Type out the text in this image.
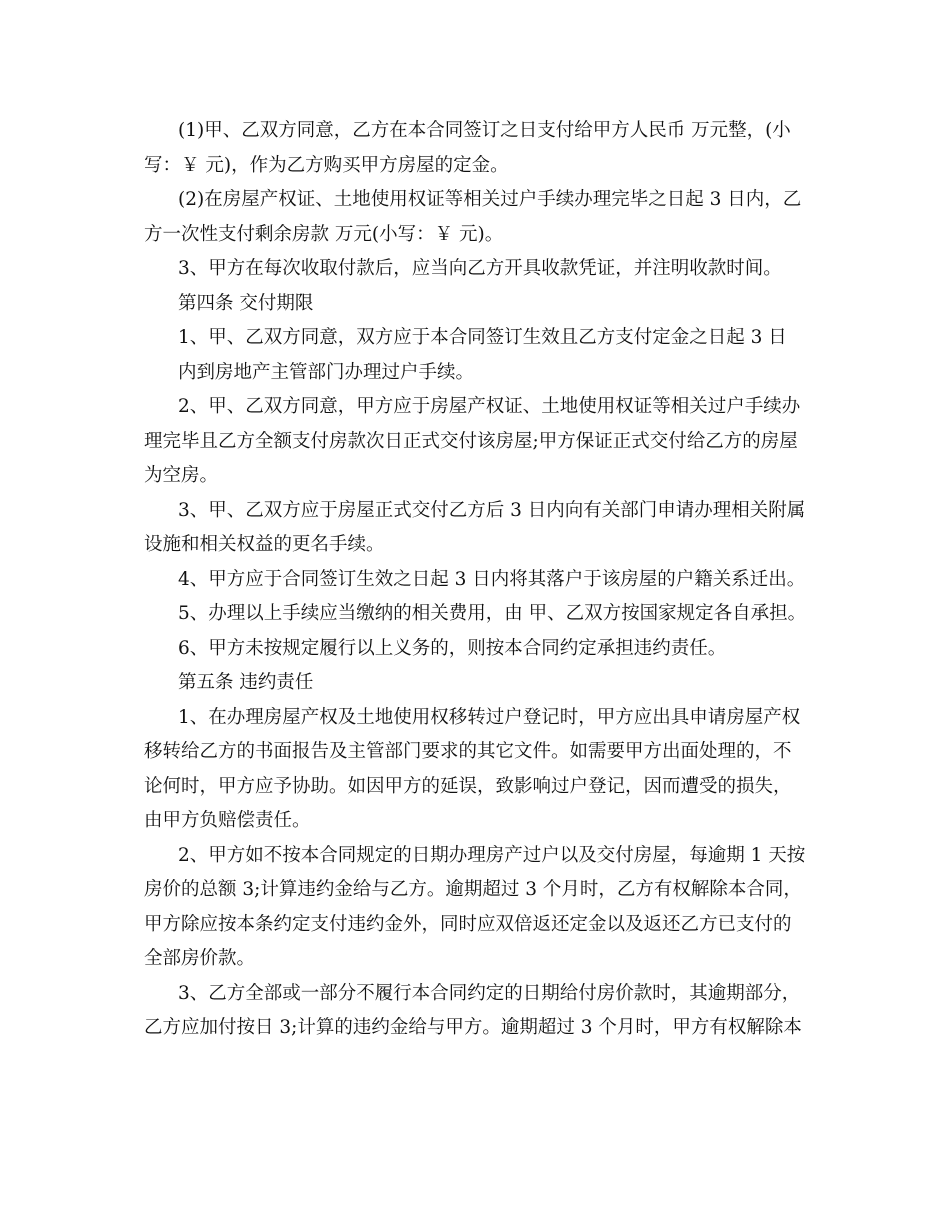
(1)甲、乙双方同意，乙方在本合同签订之日支付给甲方人民币 万元整，(小
写：￥ 元)，作为乙方购买甲方房屋的定金。
(2)在房屋产权证、土地使用权证等相关过户手续办理完毕之日起 3 日内，乙
方一次性支付剩余房款 万元(小写：￥ 元)。
3、甲方在每次收取付款后，应当向乙方开具收款凭证，并注明收款时间。
第四条 交付期限
1、甲、乙双方同意，双方应于本合同签订生效且乙方支付定金之日起 3 日
内到房地产主管部门办理过户手续。
2、甲、乙双方同意，甲方应于房屋产权证、土地使用权证等相关过户手续办
理完毕且乙方全额支付房款次日正式交付该房屋;甲方保证正式交付给乙方的房屋
为空房。
3、甲、乙双方应于房屋正式交付乙方后 3 日内向有关部门申请办理相关附属
设施和相关权益的更名手续。
4、甲方应于合同签订生效之日起 3 日内将其落户于该房屋的户籍关系迁出。
5、办理以上手续应当缴纳的相关费用，由 甲、乙双方按国家规定各自承担。
6、甲方未按规定履行以上义务的，则按本合同约定承担违约责任。
第五条 违约责任
1、在办理房屋产权及土地使用权移转过户登记时，甲方应出具申请房屋产权
移转给乙方的书面报告及主管部门要求的其它文件。如需要甲方出面处理的，不
论何时，甲方应予协助。如因甲方的延误，致影响过户登记，因而遭受的损失，
由甲方负赔偿责任。
2、甲方如不按本合同规定的日期办理房产过户以及交付房屋，每逾期 1 天按
房价的总额 3;计算违约金给与乙方。逾期超过 3 个月时，乙方有权解除本合同，
甲方除应按本条约定支付违约金外，同时应双倍返还定金以及返还乙方已支付的
全部房价款。
3、乙方全部或一部分不履行本合同约定的日期给付房价款时，其逾期部分，
乙方应加付按日 3;计算的违约金给与甲方。逾期超过 3 个月时，甲方有权解除本
